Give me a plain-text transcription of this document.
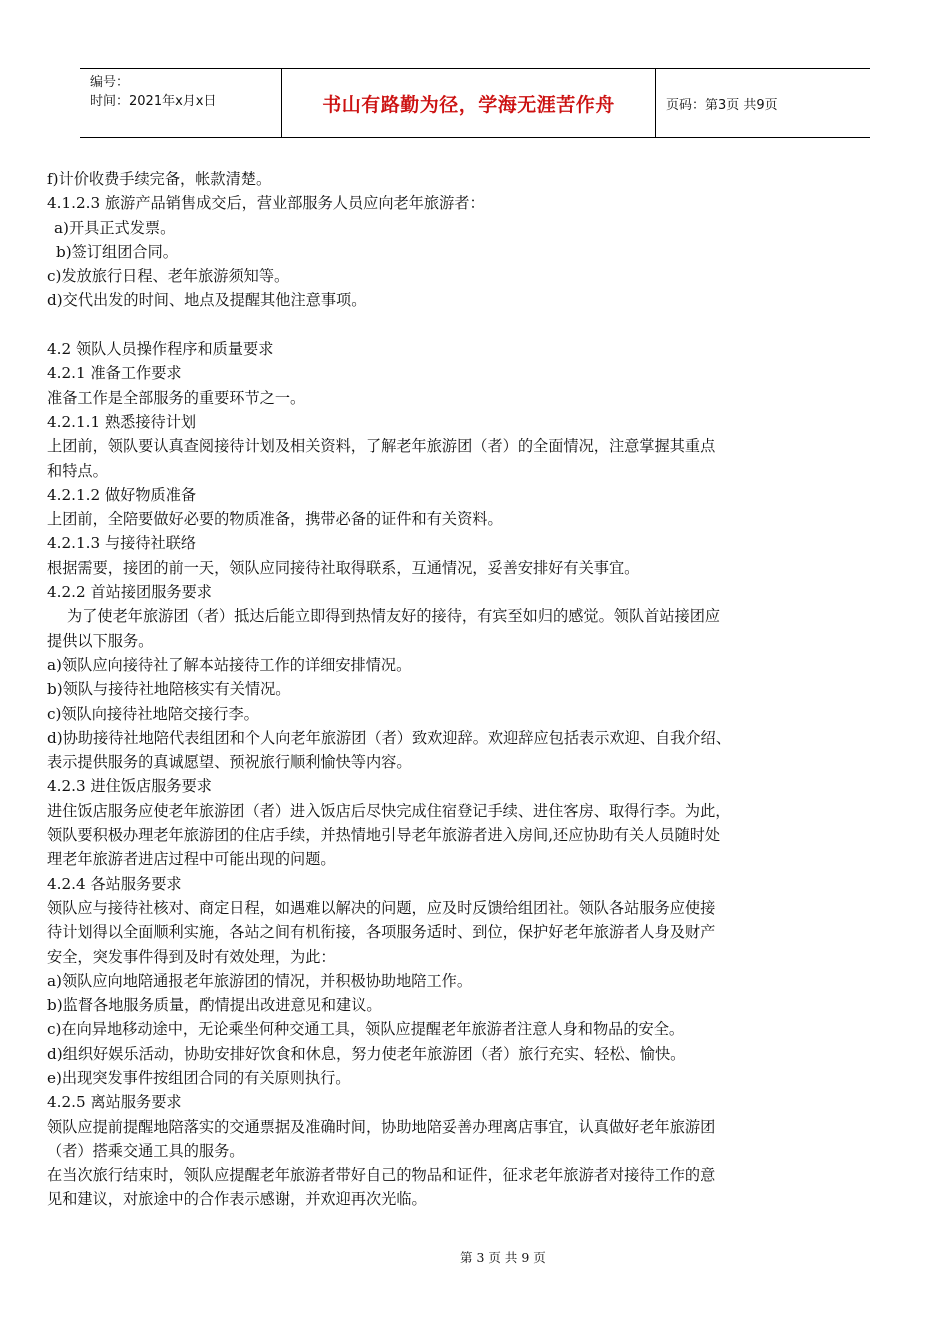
编号：
时间：2021年x月x日	书山有路勤为径，学海无涯苦作舟	页码：第3页 共9页
f)计价收费手续完备，帐款清楚。
4.1.2.3 旅游产品销售成交后，营业部服务人员应向老年旅游者：
a)开具正式发票。
b)签订组团合同。
c)发放旅行日程、老年旅游须知等。
d)交代出发的时间、地点及提醒其他注意事项。
4.2 领队人员操作程序和质量要求
4.2.1 准备工作要求
准备工作是全部服务的重要环节之一。
4.2.1.1 熟悉接待计划
上团前，领队要认真查阅接待计划及相关资料，了解老年旅游团（者）的全面情况，注意掌握其重点
和特点。
4.2.1.2 做好物质准备
上团前，全陪要做好必要的物质准备，携带必备的证件和有关资料。
4.2.1.3 与接待社联络
根据需要，接团的前一天，领队应同接待社取得联系，互通情况，妥善安排好有关事宜。
4.2.2 首站接团服务要求
为了使老年旅游团（者）抵达后能立即得到热情友好的接待，有宾至如归的感觉。领队首站接团应
提供以下服务。
a)领队应向接待社了解本站接待工作的详细安排情况。
b)领队与接待社地陪核实有关情况。
c)领队向接待社地陪交接行李。
d)协助接待社地陪代表组团和个人向老年旅游团（者）致欢迎辞。欢迎辞应包括表示欢迎、自我介绍、
表示提供服务的真诚愿望、预祝旅行顺利愉快等内容。
4.2.3 进住饭店服务要求
进住饭店服务应使老年旅游团（者）进入饭店后尽快完成住宿登记手续、进住客房、取得行李。为此，
领队要积极办理老年旅游团的住店手续，并热情地引导老年旅游者进入房间,还应协助有关人员随时处
理老年旅游者进店过程中可能出现的问题。
4.2.4 各站服务要求
领队应与接待社核对、商定日程，如遇难以解决的问题，应及时反馈给组团社。领队各站服务应使接
待计划得以全面顺利实施，各站之间有机衔接，各项服务适时、到位，保护好老年旅游者人身及财产
安全，突发事件得到及时有效处理，为此：
a)领队应向地陪通报老年旅游团的情况，并积极协助地陪工作。
b)监督各地服务质量，酌情提出改进意见和建议。
c)在向异地移动途中，无论乘坐何种交通工具，领队应提醒老年旅游者注意人身和物品的安全。
d)组织好娱乐活动，协助安排好饮食和休息，努力使老年旅游团（者）旅行充实、轻松、愉快。
e)出现突发事件按组团合同的有关原则执行。
4.2.5 离站服务要求
领队应提前提醒地陪落实的交通票据及准确时间，协助地陪妥善办理离店事宜，认真做好老年旅游团
（者）搭乘交通工具的服务。
在当次旅行结束时，领队应提醒老年旅游者带好自己的物品和证件，征求老年旅游者对接待工作的意
见和建议，对旅途中的合作表示感谢，并欢迎再次光临。
第 3 页 共 9 页
